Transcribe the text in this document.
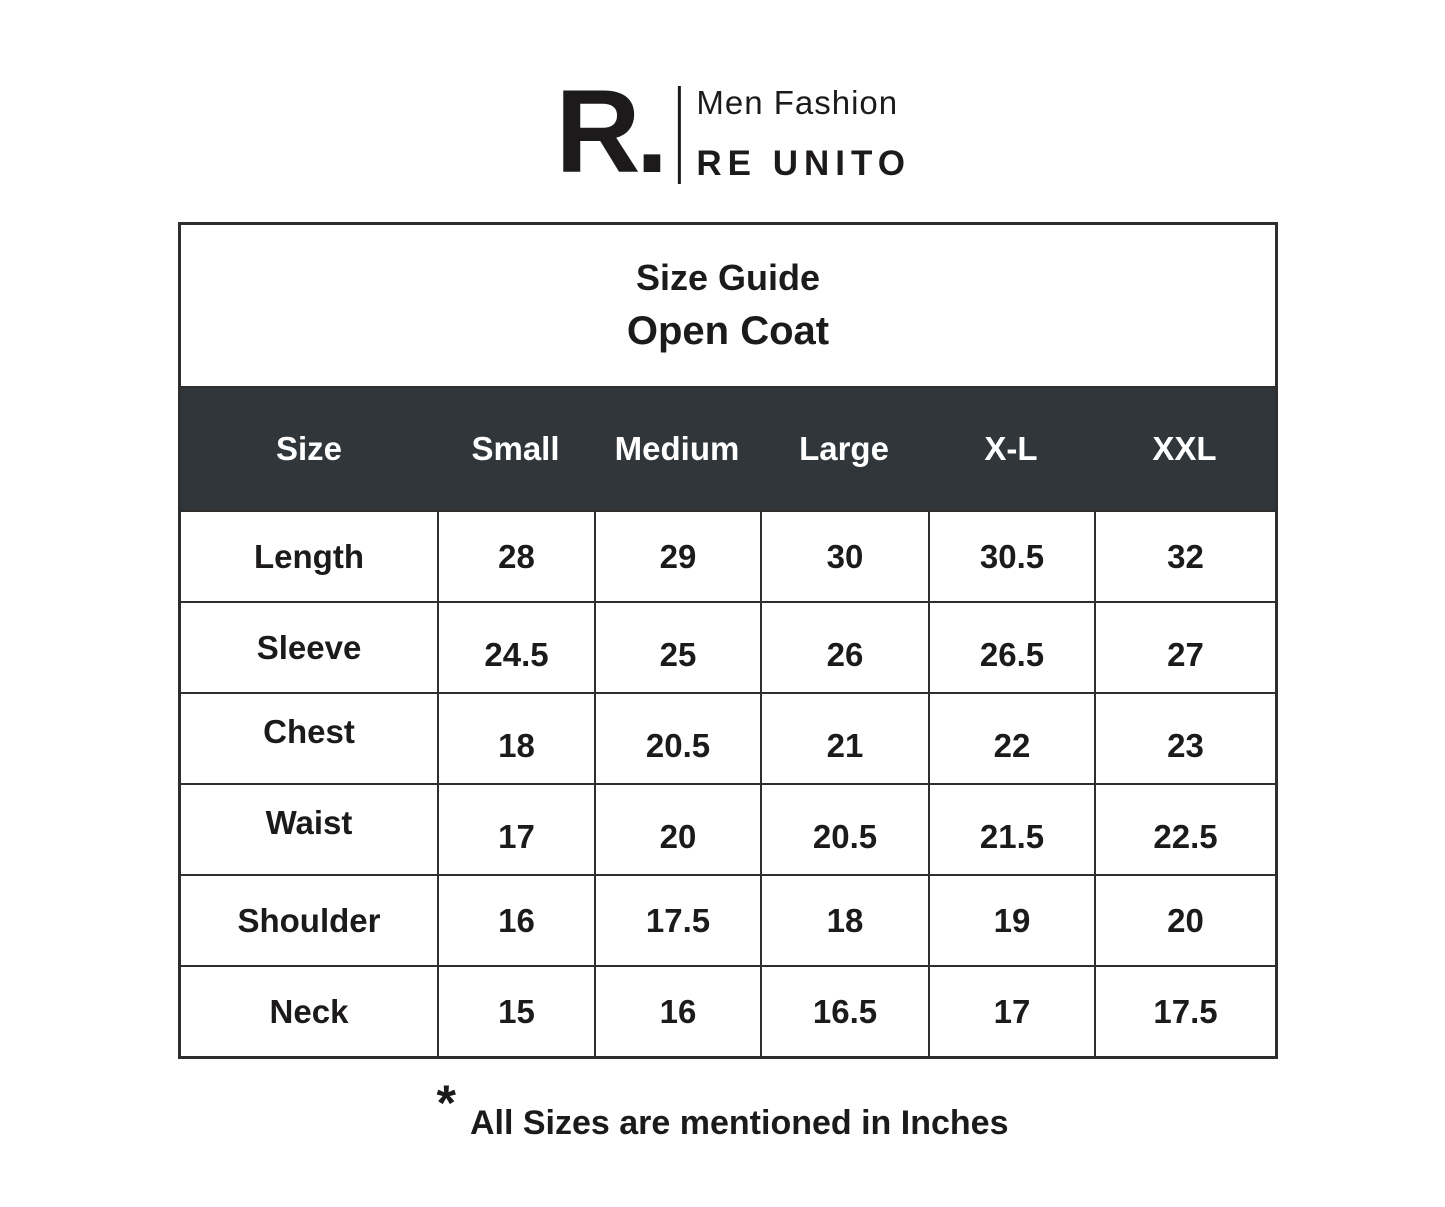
R.	Men Fashion
RE UNITO
Size Guide
Open Coat
Size	Small	Medium	Large	X-L	XXL
Length	28	29	30	30.5	32
Sleeve	24.5	25	26	26.5	27
Chest	18	20.5	21	22	23
Waist	17	20	20.5	21.5	22.5
Shoulder	16	17.5	18	19	20
Neck	15	16	16.5	17	17.5
* All Sizes are mentioned in Inches
